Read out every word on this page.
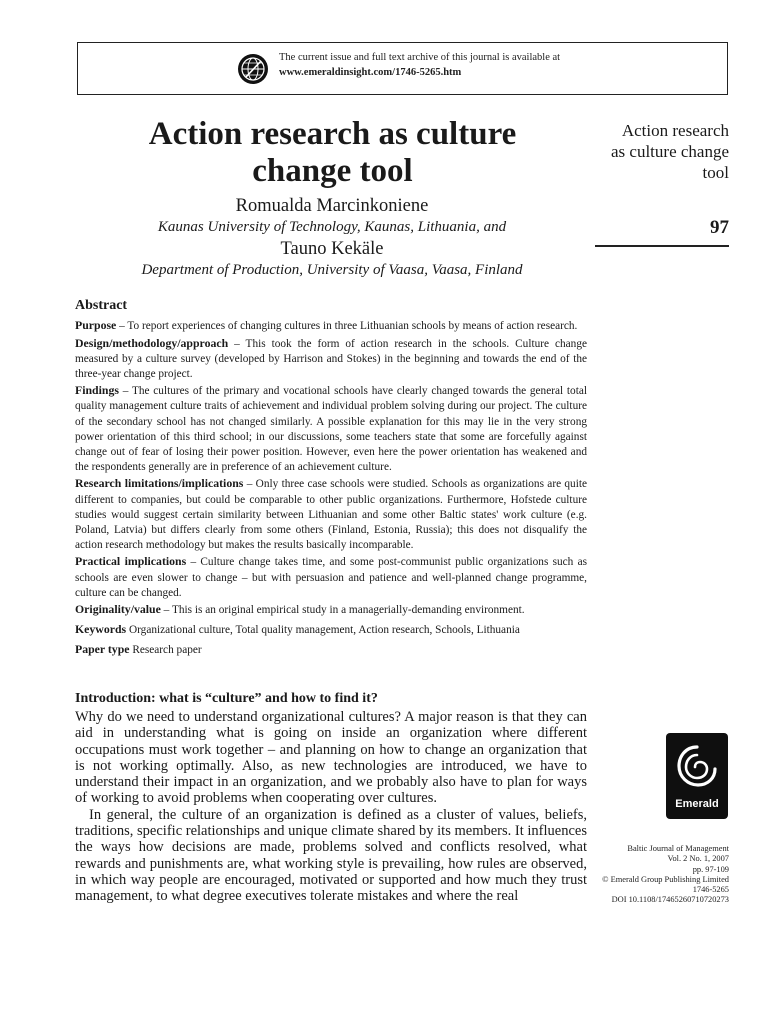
The current issue and full text archive of this journal is available at
www.emeraldinsight.com/1746-5265.htm
Action research as culture
change tool
Romualda Marcinkoniene
Kaunas University of Technology, Kaunas, Lithuania, and
Tauno Kekäle
Department of Production, University of Vaasa, Vaasa, Finland
Action research
as culture change
tool
97
Abstract

Purpose – To report experiences of changing cultures in three Lithuanian schools by means of action research.

Design/methodology/approach – This took the form of action research in the schools. Culture change measured by a culture survey (developed by Harrison and Stokes) in the beginning and towards the end of the three-year change project.

Findings – The cultures of the primary and vocational schools have clearly changed towards the general total quality management culture traits of achievement and individual problem solving during our project. The culture of the secondary school has not changed similarly. A possible explanation for this may lie in the very strong power orientation of this third school; in our discussions, some teachers state that some are forcefully against change out of fear of losing their power position. However, even here the power orientation has weakened and the respondents generally are in preference of an achievement culture.

Research limitations/implications – Only three case schools were studied. Schools as organizations are quite different to companies, but could be comparable to other public organizations. Furthermore, Hofstede culture studies would suggest certain similarity between Lithuanian and some other Baltic states' work culture (e.g. Poland, Latvia) but differs clearly from some others (Finland, Estonia, Russia); this does not disqualify the action research methodology but makes the results basically incomparable.

Practical implications – Culture change takes time, and some post-communist public organizations such as schools are even slower to change – but with persuasion and patience and well-planned change programme, culture can be changed.

Originality/value – This is an original empirical study in a managerially-demanding environment.

Keywords Organizational culture, Total quality management, Action research, Schools, Lithuania

Paper type Research paper

Introduction: what is “culture” and how to find it?

Why do we need to understand organizational cultures? A major reason is that they can aid in understanding what is going on inside an organization where different occupations must work together – and planning on how to change an organization that is not working optimally. Also, as new technologies are introduced, we have to understand their impact in an organization, and we probably also have to plan for ways of working to avoid problems when cooperating over cultures.

In general, the culture of an organization is defined as a cluster of values, beliefs, traditions, specific relationships and unique climate shared by its members. It influences the ways how decisions are made, problems solved and conflicts resolved, what rewards and punishments are, what working style is prevailing, how rules are observed, in which way people are encouraged, motivated or supported and how much they trust management, to what degree executives tolerate mistakes and where the real

Emerald
Baltic Journal of Management
Vol. 2 No. 1, 2007
pp. 97-109
© Emerald Group Publishing Limited
1746-5265
DOI 10.1108/17465260710720273
